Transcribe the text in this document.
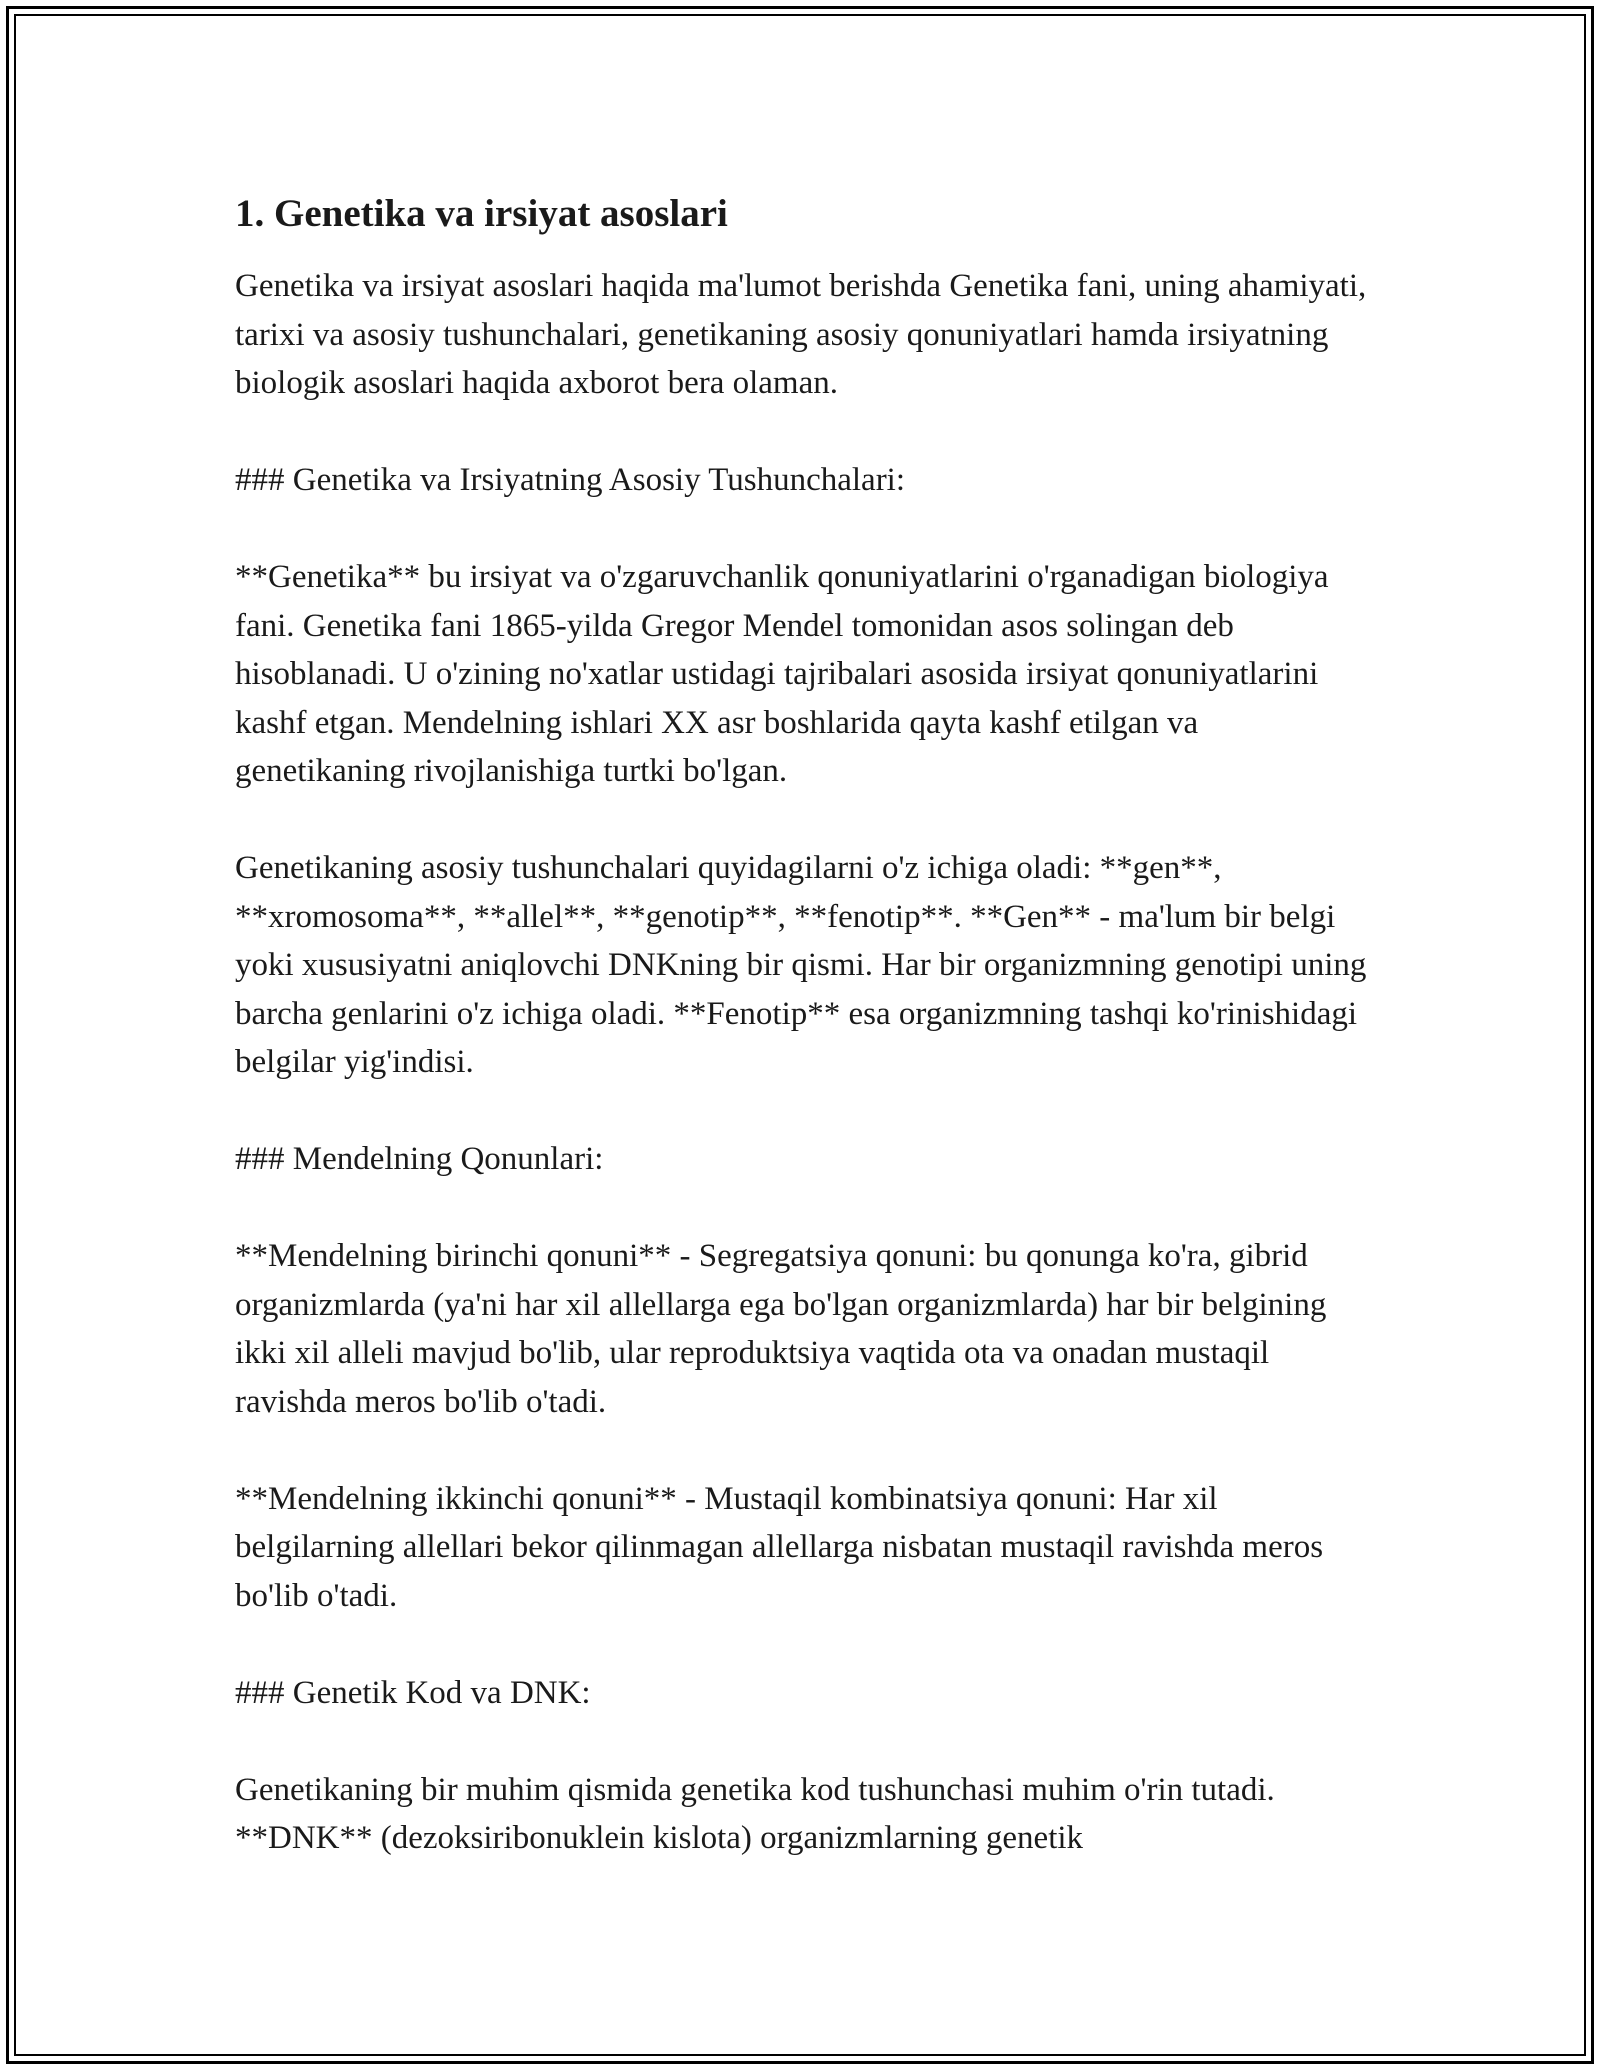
1. Genetika va irsiyat asoslari

Genetika va irsiyat asoslari haqida ma'lumot berishda Genetika fani, uning ahamiyati, tarixi va asosiy tushunchalari, genetikaning asosiy qonuniyatlari hamda irsiyatning biologik asoslari haqida axborot bera olaman.

### Genetika va Irsiyatning Asosiy Tushunchalari:

**Genetika** bu irsiyat va o'zgaruvchanlik qonuniyatlarini o'rganadigan biologiya fani. Genetika fani 1865-yilda Gregor Mendel tomonidan asos solingan deb hisoblanadi. U o'zining no'xatlar ustidagi tajribalari asosida irsiyat qonuniyatlarini kashf etgan. Mendelning ishlari XX asr boshlarida qayta kashf etilgan va genetikaning rivojlanishiga turtki bo'lgan.

Genetikaning asosiy tushunchalari quyidagilarni o'z ichiga oladi: **gen**, **xromosoma**, **allel**, **genotip**, **fenotip**. **Gen** - ma'lum bir belgi yoki xususiyatni aniqlovchi DNKning bir qismi. Har bir organizmning genotipi uning barcha genlarini o'z ichiga oladi. **Fenotip** esa organizmning tashqi ko'rinishidagi belgilar yig'indisi.

### Mendelning Qonunlari:

**Mendelning birinchi qonuni** - Segregatsiya qonuni: bu qonunga ko'ra, gibrid organizmlarda (ya'ni har xil allellarga ega bo'lgan organizmlarda) har bir belgining ikki xil alleli mavjud bo'lib, ular reproduktsiya vaqtida ota va onadan mustaqil ravishda meros bo'lib o'tadi.

**Mendelning ikkinchi qonuni** - Mustaqil kombinatsiya qonuni: Har xil belgilarning allellari bekor qilinmagan allellarga nisbatan mustaqil ravishda meros bo'lib o'tadi.

### Genetik Kod va DNK:

Genetikaning bir muhim qismida genetika kod tushunchasi muhim o'rin tutadi. **DNK** (dezoksiribonuklein kislota) organizmlarning genetik
